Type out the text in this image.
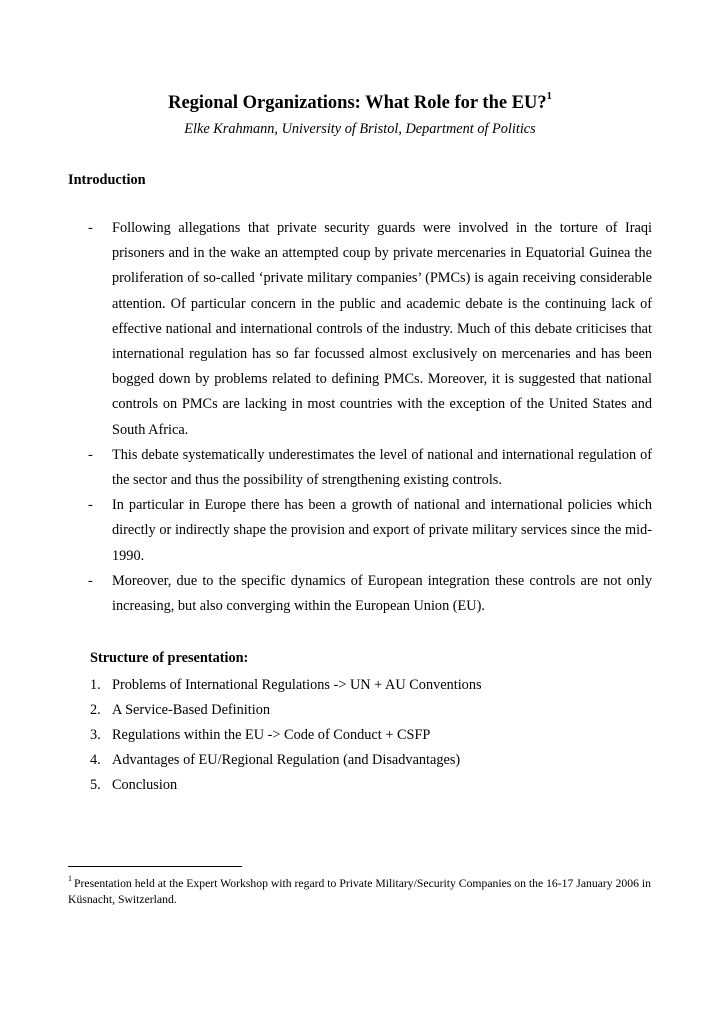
Regional Organizations: What Role for the EU?$^1$
Elke Krahmann, University of Bristol, Department of Politics
Introduction
- Following allegations that private security guards were involved in the torture of Iraqi prisoners and in the wake an attempted coup by private mercenaries in Equatorial Guinea the proliferation of so-called ‘private military companies’ (PMCs) is again receiving considerable attention. Of particular concern in the public and academic debate is the continuing lack of effective national and international controls of the industry. Much of this debate criticises that international regulation has so far focussed almost exclusively on mercenaries and has been bogged down by problems related to defining PMCs. Moreover, it is suggested that national controls on PMCs are lacking in most countries with the exception of the United States and South Africa.
- This debate systematically underestimates the level of national and international regulation of the sector and thus the possibility of strengthening existing controls.
- In particular in Europe there has been a growth of national and international policies which directly or indirectly shape the provision and export of private military services since the mid-1990.
- Moreover, due to the specific dynamics of European integration these controls are not only increasing, but also converging within the European Union (EU).
Structure of presentation:
1. Problems of International Regulations -> UN + AU Conventions
2. A Service-Based Definition
3. Regulations within the EU -> Code of Conduct + CSFP
4. Advantages of EU/Regional Regulation (and Disadvantages)
5. Conclusion
$^1$ Presentation held at the Expert Workshop with regard to Private Military/Security Companies on the 16-17 January 2006 in Küsnacht, Switzerland.
